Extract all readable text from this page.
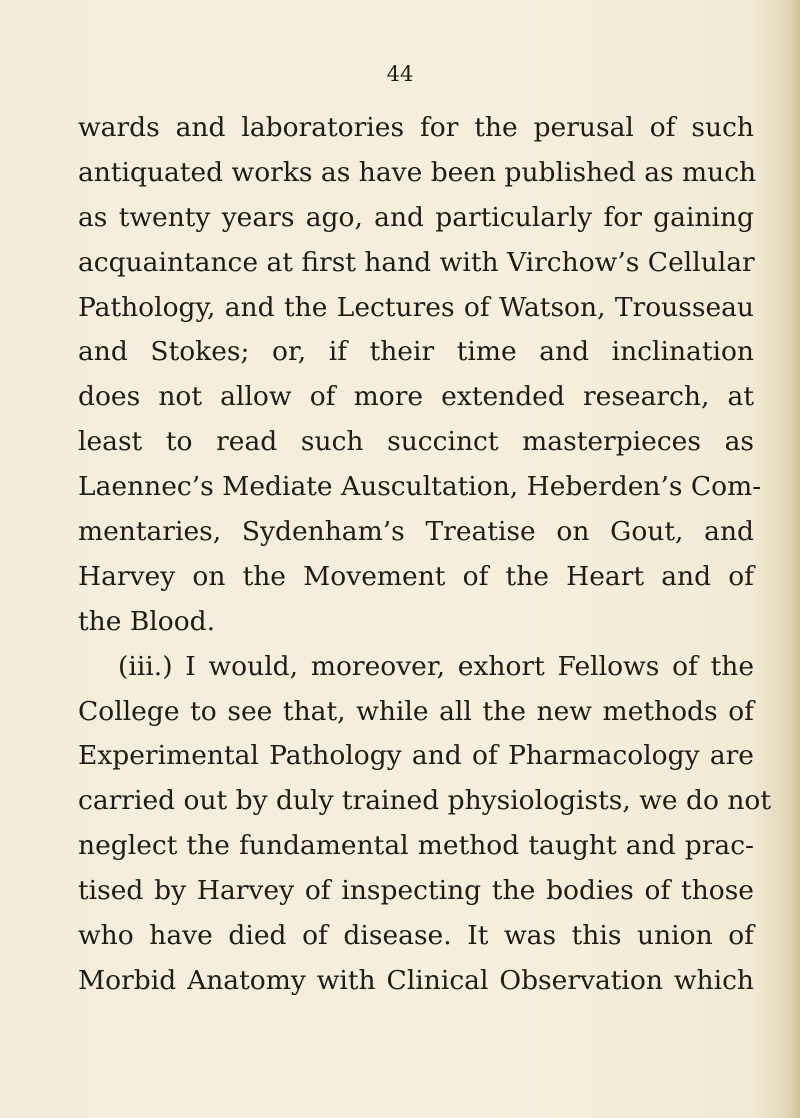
44
wards and laboratories for the perusal of such
antiquated works as have been published as much
as twenty years ago, and particularly for gaining
acquaintance at first hand with Virchow’s Cellular
Pathology, and the Lectures of Watson, Trousseau
and Stokes; or, if their time and inclination
does not allow of more extended research, at
least to read such succinct masterpieces as
Laennec’s Mediate Auscultation, Heberden’s Com-
mentaries, Sydenham’s Treatise on Gout, and
Harvey on the Movement of the Heart and of
the Blood.
(iii.) I would, moreover, exhort Fellows of the
College to see that, while all the new methods of
Experimental Pathology and of Pharmacology are
carried out by duly trained physiologists, we do not
neglect the fundamental method taught and prac-
tised by Harvey of inspecting the bodies of those
who have died of disease. It was this union of
Morbid Anatomy with Clinical Observation which
